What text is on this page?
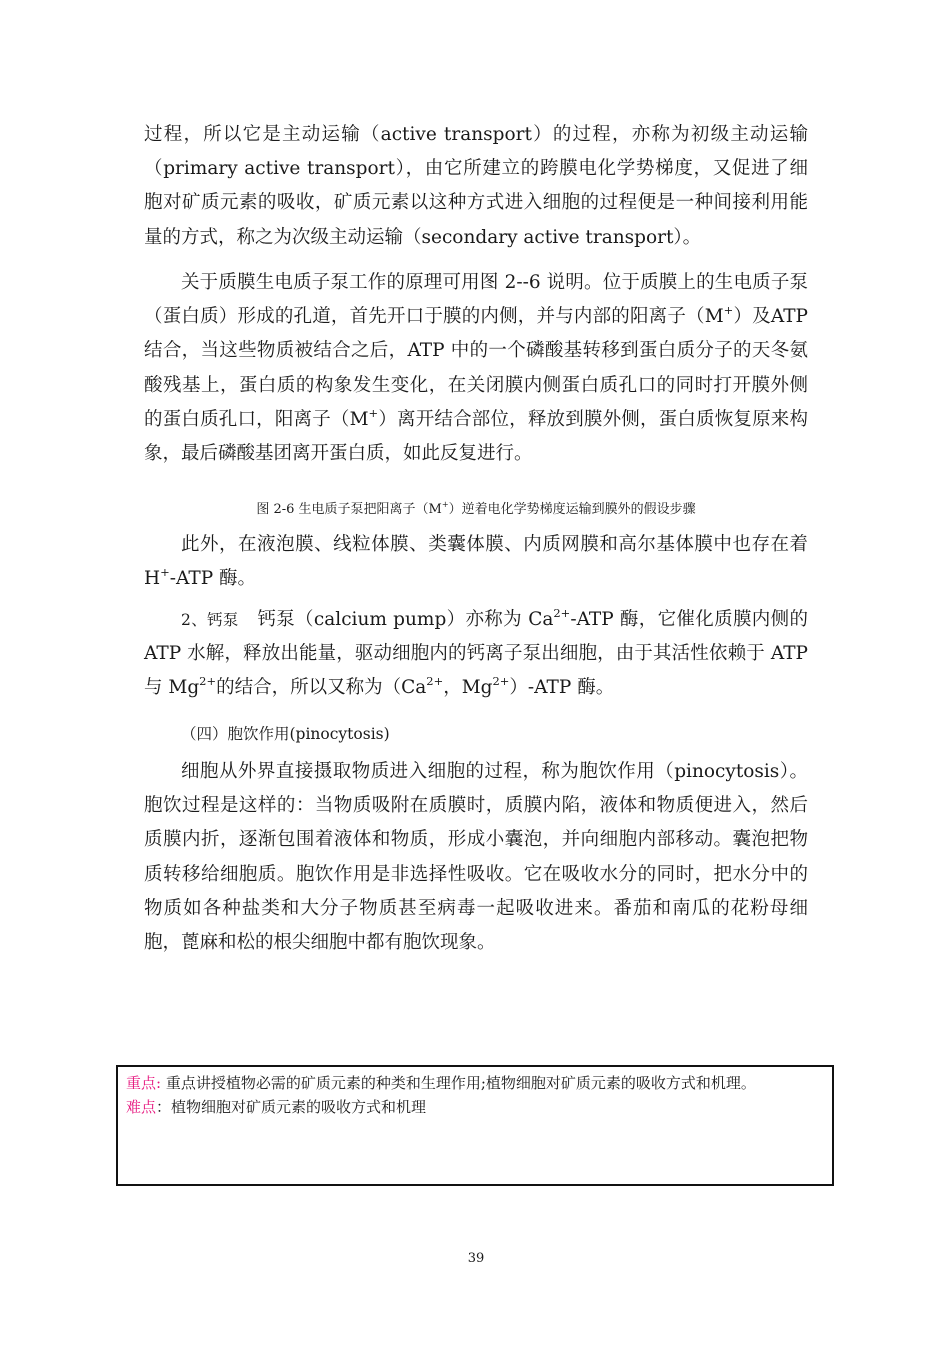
过程，所以它是主动运输（active transport）的过程，亦称为初级主动运输（primary active transport），由它所建立的跨膜电化学势梯度，又促进了细胞对矿质元素的吸收，矿质元素以这种方式进入细胞的过程便是一种间接利用能量的方式，称之为次级主动运输（secondary active transport）。

关于质膜生电质子泵工作的原理可用图 2--6 说明。位于质膜上的生电质子泵（蛋白质）形成的孔道，首先开口于膜的内侧，并与内部的阳离子（M+）及ATP 结合，当这些物质被结合之后，ATP 中的一个磷酸基转移到蛋白质分子的天冬氨酸残基上，蛋白质的构象发生变化，在关闭膜内侧蛋白质孔口的同时打开膜外侧的蛋白质孔口，阳离子（M+）离开结合部位，释放到膜外侧，蛋白质恢复原来构象，最后磷酸基团离开蛋白质，如此反复进行。

图 2-6 生电质子泵把阳离子（M+）逆着电化学势梯度运输到膜外的假设步骤

此外，在液泡膜、线粒体膜、类囊体膜、内质网膜和高尔基体膜中也存在着H+-ATP 酶。

2、钙泵 钙泵（calcium pump）亦称为 $Ca^{2+}$-ATP 酶，它催化质膜内侧的 ATP 水解，释放出能量，驱动细胞内的钙离子泵出细胞，由于其活性依赖于 ATP 与 $Mg^{2+}$的结合，所以又称为（$Ca^{2+}$，$Mg^{2+}$）-ATP 酶。

（四）胞饮作用(pinocytosis)

细胞从外界直接摄取物质进入细胞的过程，称为胞饮作用（pinocytosis）。胞饮过程是这样的：当物质吸附在质膜时，质膜内陷，液体和物质便进入，然后质膜内折，逐渐包围着液体和物质，形成小囊泡，并向细胞内部移动。囊泡把物质转移给细胞质。胞饮作用是非选择性吸收。它在吸收水分的同时，把水分中的物质如各种盐类和大分子物质甚至病毒一起吸收进来。番茄和南瓜的花粉母细胞，蓖麻和松的根尖细胞中都有胞饮现象。

重点: 重点讲授植物必需的矿质元素的种类和生理作用;植物细胞对矿质元素的吸收方式和机理。
难点：植物细胞对矿质元素的吸收方式和机理
39
